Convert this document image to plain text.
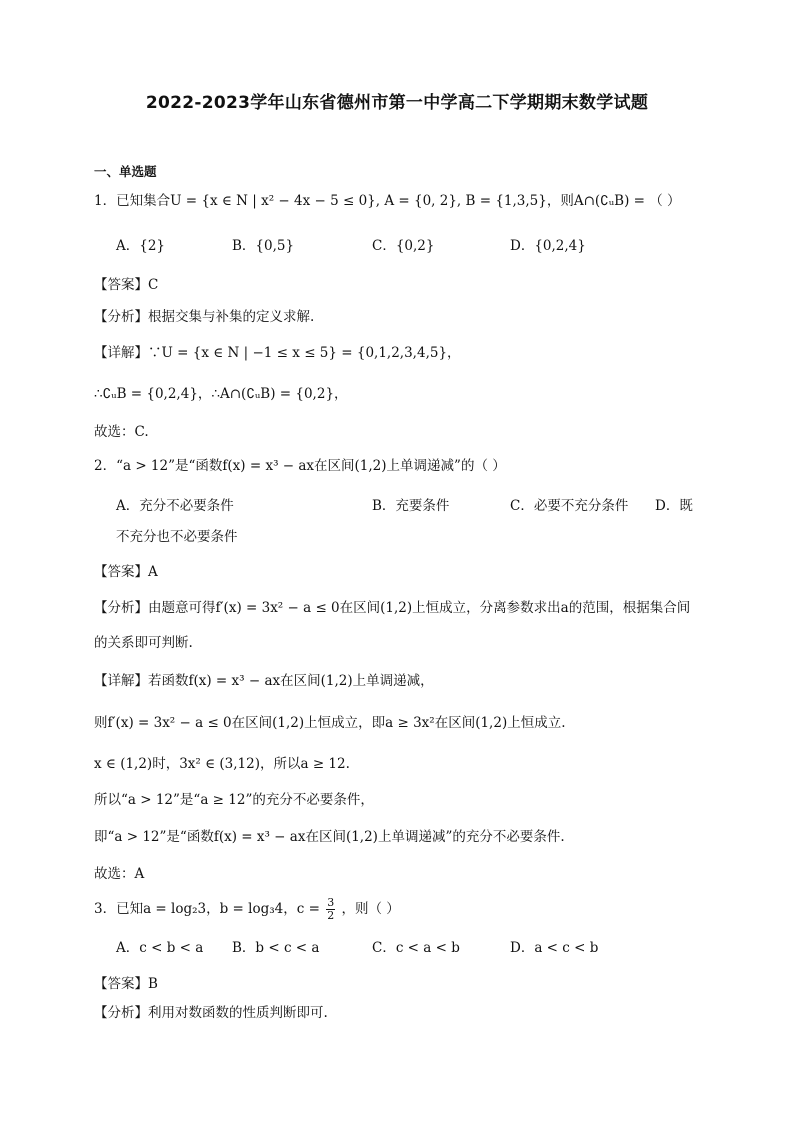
2022-2023学年山东省德州市第一中学高二下学期期末数学试题
一、单选题
1．已知集合U = {x ∈ N | x² − 4x − 5 ≤ 0}, A = {0, 2}, B = {1,3,5}，则A∩(∁ᵤB) = （ ）
A．{2}	B．{0,5}	C．{0,2}	D．{0,2,4}
【答案】C
【分析】根据交集与补集的定义求解.
【详解】∵U = {x ∈ N | −1 ≤ x ≤ 5} = {0,1,2,3,4,5}，
∴∁ᵤB = {0,2,4}，∴A∩(∁ᵤB) = {0,2}，
故选：C.
2．“a > 12”是“函数f(x) = x³ − ax在区间(1,2)上单调递减”的（ ）
A．充分不必要条件	B．充要条件	C．必要不充分条件 D．既
不充分也不必要条件
【答案】A
【分析】由题意可得f′(x) = 3x² − a ≤ 0在区间(1,2)上恒成立，分离参数求出a的范围，根据集合间
的关系即可判断.
【详解】若函数f(x) = x³ − ax在区间(1,2)上单调递减，
则f′(x) = 3x² − a ≤ 0在区间(1,2)上恒成立，即a ≥ 3x²在区间(1,2)上恒成立.
x ∈ (1,2)时，3x² ∈ (3,12)，所以a ≥ 12.
所以“a > 12”是“a ≥ 12”的充分不必要条件，
即“a > 12”是“函数f(x) = x³ − ax在区间(1,2)上单调递减”的充分不必要条件.
故选：A
3．已知a = log₂3，b = log₃4，$c = \frac{3}{2}$ ，则（ ）
A．c < b < a B．b < c < a	C．c < a < b	D．a < c < b
【答案】B
【分析】利用对数函数的性质判断即可.
